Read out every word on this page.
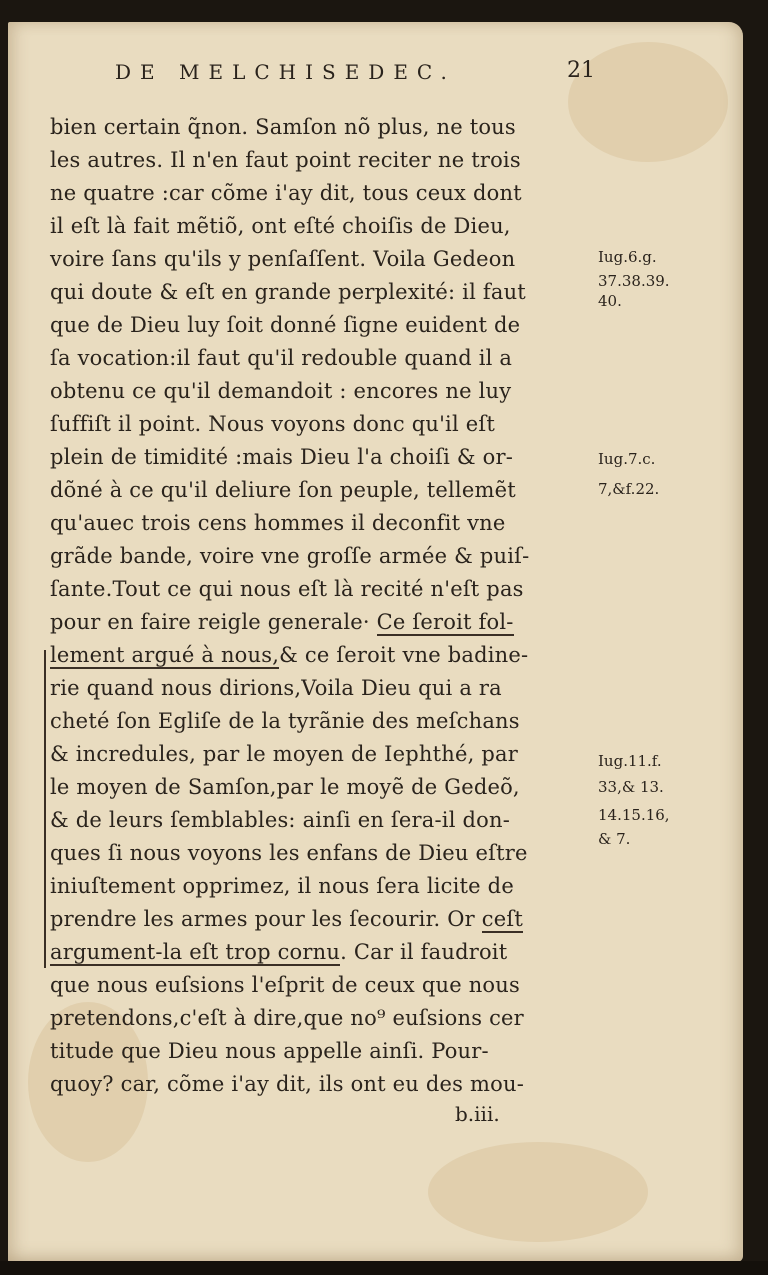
DE MELCHISEDEC.	21
bien certain q̃non. Samſon nõ plus, ne tous
les autres. Il n'en faut point reciter ne trois
ne quatre :car cõme i'ay dit, tous ceux dont
il eſt là fait mẽtiõ, ont eſté choiſis de Dieu,
voire ſans qu'ils y penſaſſent. Voila Gedeon
qui doute & eſt en grande perplexité: il faut
que de Dieu luy ſoit donné ſigne euident de
ſa vocation:il faut qu'il redouble quand il a
obtenu ce qu'il demandoit : encores ne luy
ſuffiſt il point. Nous voyons donc qu'il eſt
plein de timidité :mais Dieu l'a choiſi & or-
dõné à ce qu'il deliure ſon peuple, tellemẽt
qu'auec trois cens hommes il deconfit vne
grãde bande, voire vne groſſe armée & puiſ-
ſante.Tout ce qui nous eſt là recité n'eſt pas
pour en faire reigle generale· Ce ſeroit fol-
lement argué à nous,& ce ſeroit vne badine-
rie quand nous dirions,Voila Dieu qui a ra
cheté ſon Egliſe de la tyrãnie des meſchans
& incredules, par le moyen de Iephthé, par
le moyen de Samſon,par le moyẽ de Gedeõ,
& de leurs ſemblables: ainſi en ſera-il don-
ques ſi nous voyons les enfans de Dieu eſtre
iniuſtement opprimez, il nous ſera licite de
prendre les armes pour les ſecourir. Or ceſt
argument-la eſt trop cornu. Car il faudroit
que nous euſsions l'eſprit de ceux que nous
pretendons,c'eſt à dire,que no⁹ euſsions cer
titude que Dieu nous appelle ainſi. Pour-
quoy? car, cõme i'ay dit, ils ont eu des mou-
Iug.6.g.
37.38.39.
40.
Iug.7.c.
7,&f.22.
Iug.11.f.
33,& 13.
14.15.16,
& 7.
b.iii.
